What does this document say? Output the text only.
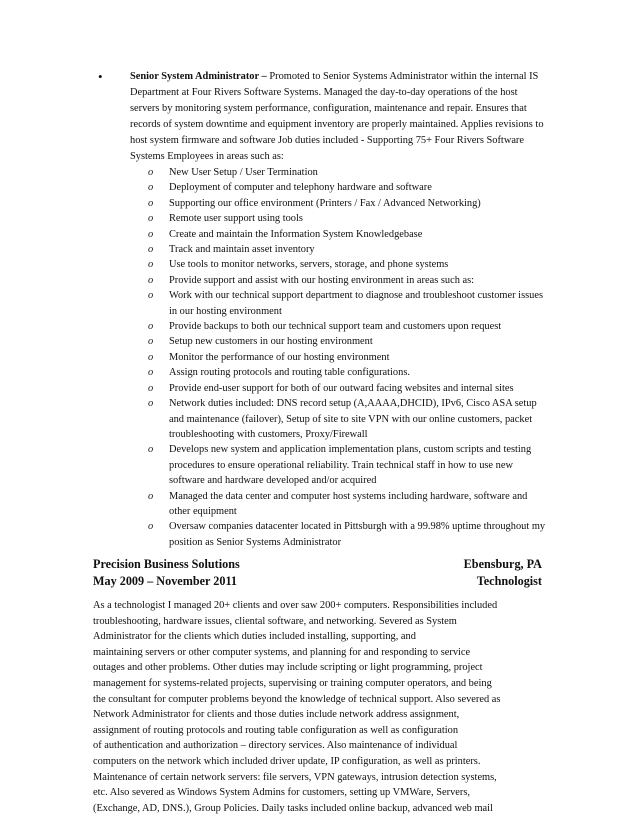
•	Senior System Administrator – Promoted to Senior Systems Administrator within the internal IS Department at Four Rivers Software Systems. Managed the day-to-day operations of the host servers by monitoring system performance, configuration, maintenance and repair. Ensures that records of system downtime and equipment inventory are properly maintained. Applies revisions to host system firmware and software Job duties included - Supporting 75+ Four Rivers Software Systems Employees in areas such as:

o New User Setup / User Termination
o Deployment of computer and telephony hardware and software
o Supporting our office environment (Printers / Fax / Advanced Networking)
o Remote user support using tools
o Create and maintain the Information System Knowledgebase
o Track and maintain asset inventory
o Use tools to monitor networks, servers, storage, and phone systems
o Provide support and assist with our hosting environment in areas such as:
o Work with our technical support department to diagnose and troubleshoot customer issues in our hosting environment
o Provide backups to both our technical support team and customers upon request
o Setup new customers in our hosting environment
o Monitor the performance of our hosting environment
o Assign routing protocols and routing table configurations.
o Provide end-user support for both of our outward facing websites and internal sites
o Network duties included: DNS record setup (A,AAAA,DHCID), IPv6, Cisco ASA setup and maintenance (failover), Setup of site to site VPN with our online customers, packet troubleshooting with customers, Proxy/Firewall
o Develops new system and application implementation plans, custom scripts and testing procedures to ensure operational reliability. Train technical staff in how to use new software and hardware developed and/or acquired
o Managed the data center and computer host systems including hardware, software and other equipment
o Oversaw companies datacenter located in Pittsburgh with a 99.98% uptime throughout my position as Senior Systems Administrator
Precision Business Solutions	Ebensburg, PA
May 2009 – November 2011	Technologist

As a technologist I managed 20+ clients and over saw 200+ computers. Responsibilities included
troubleshooting, hardware issues, cliental software, and networking. Severed as System
Administrator for the clients which duties included installing, supporting, and
maintaining servers or other computer systems, and planning for and responding to service
outages and other problems. Other duties may include scripting or light programming, project
management for systems-related projects, supervising or training computer operators, and being
the consultant for computer problems beyond the knowledge of technical support. Also severed as
Network Administrator for clients and those duties include network address assignment,
assignment of routing protocols and routing table configuration as well as configuration
of authentication and authorization – directory services. Also maintenance of individual
computers on the network which included driver update, IP configuration, as well as printers.
Maintenance of certain network servers: file servers, VPN gateways, intrusion detection systems,
etc. Also severed as Windows System Admins for customers, setting up VMWare, Servers,
(Exchange, AD, DNS.), Group Policies. Daily tasks included online backup, advanced web mail
